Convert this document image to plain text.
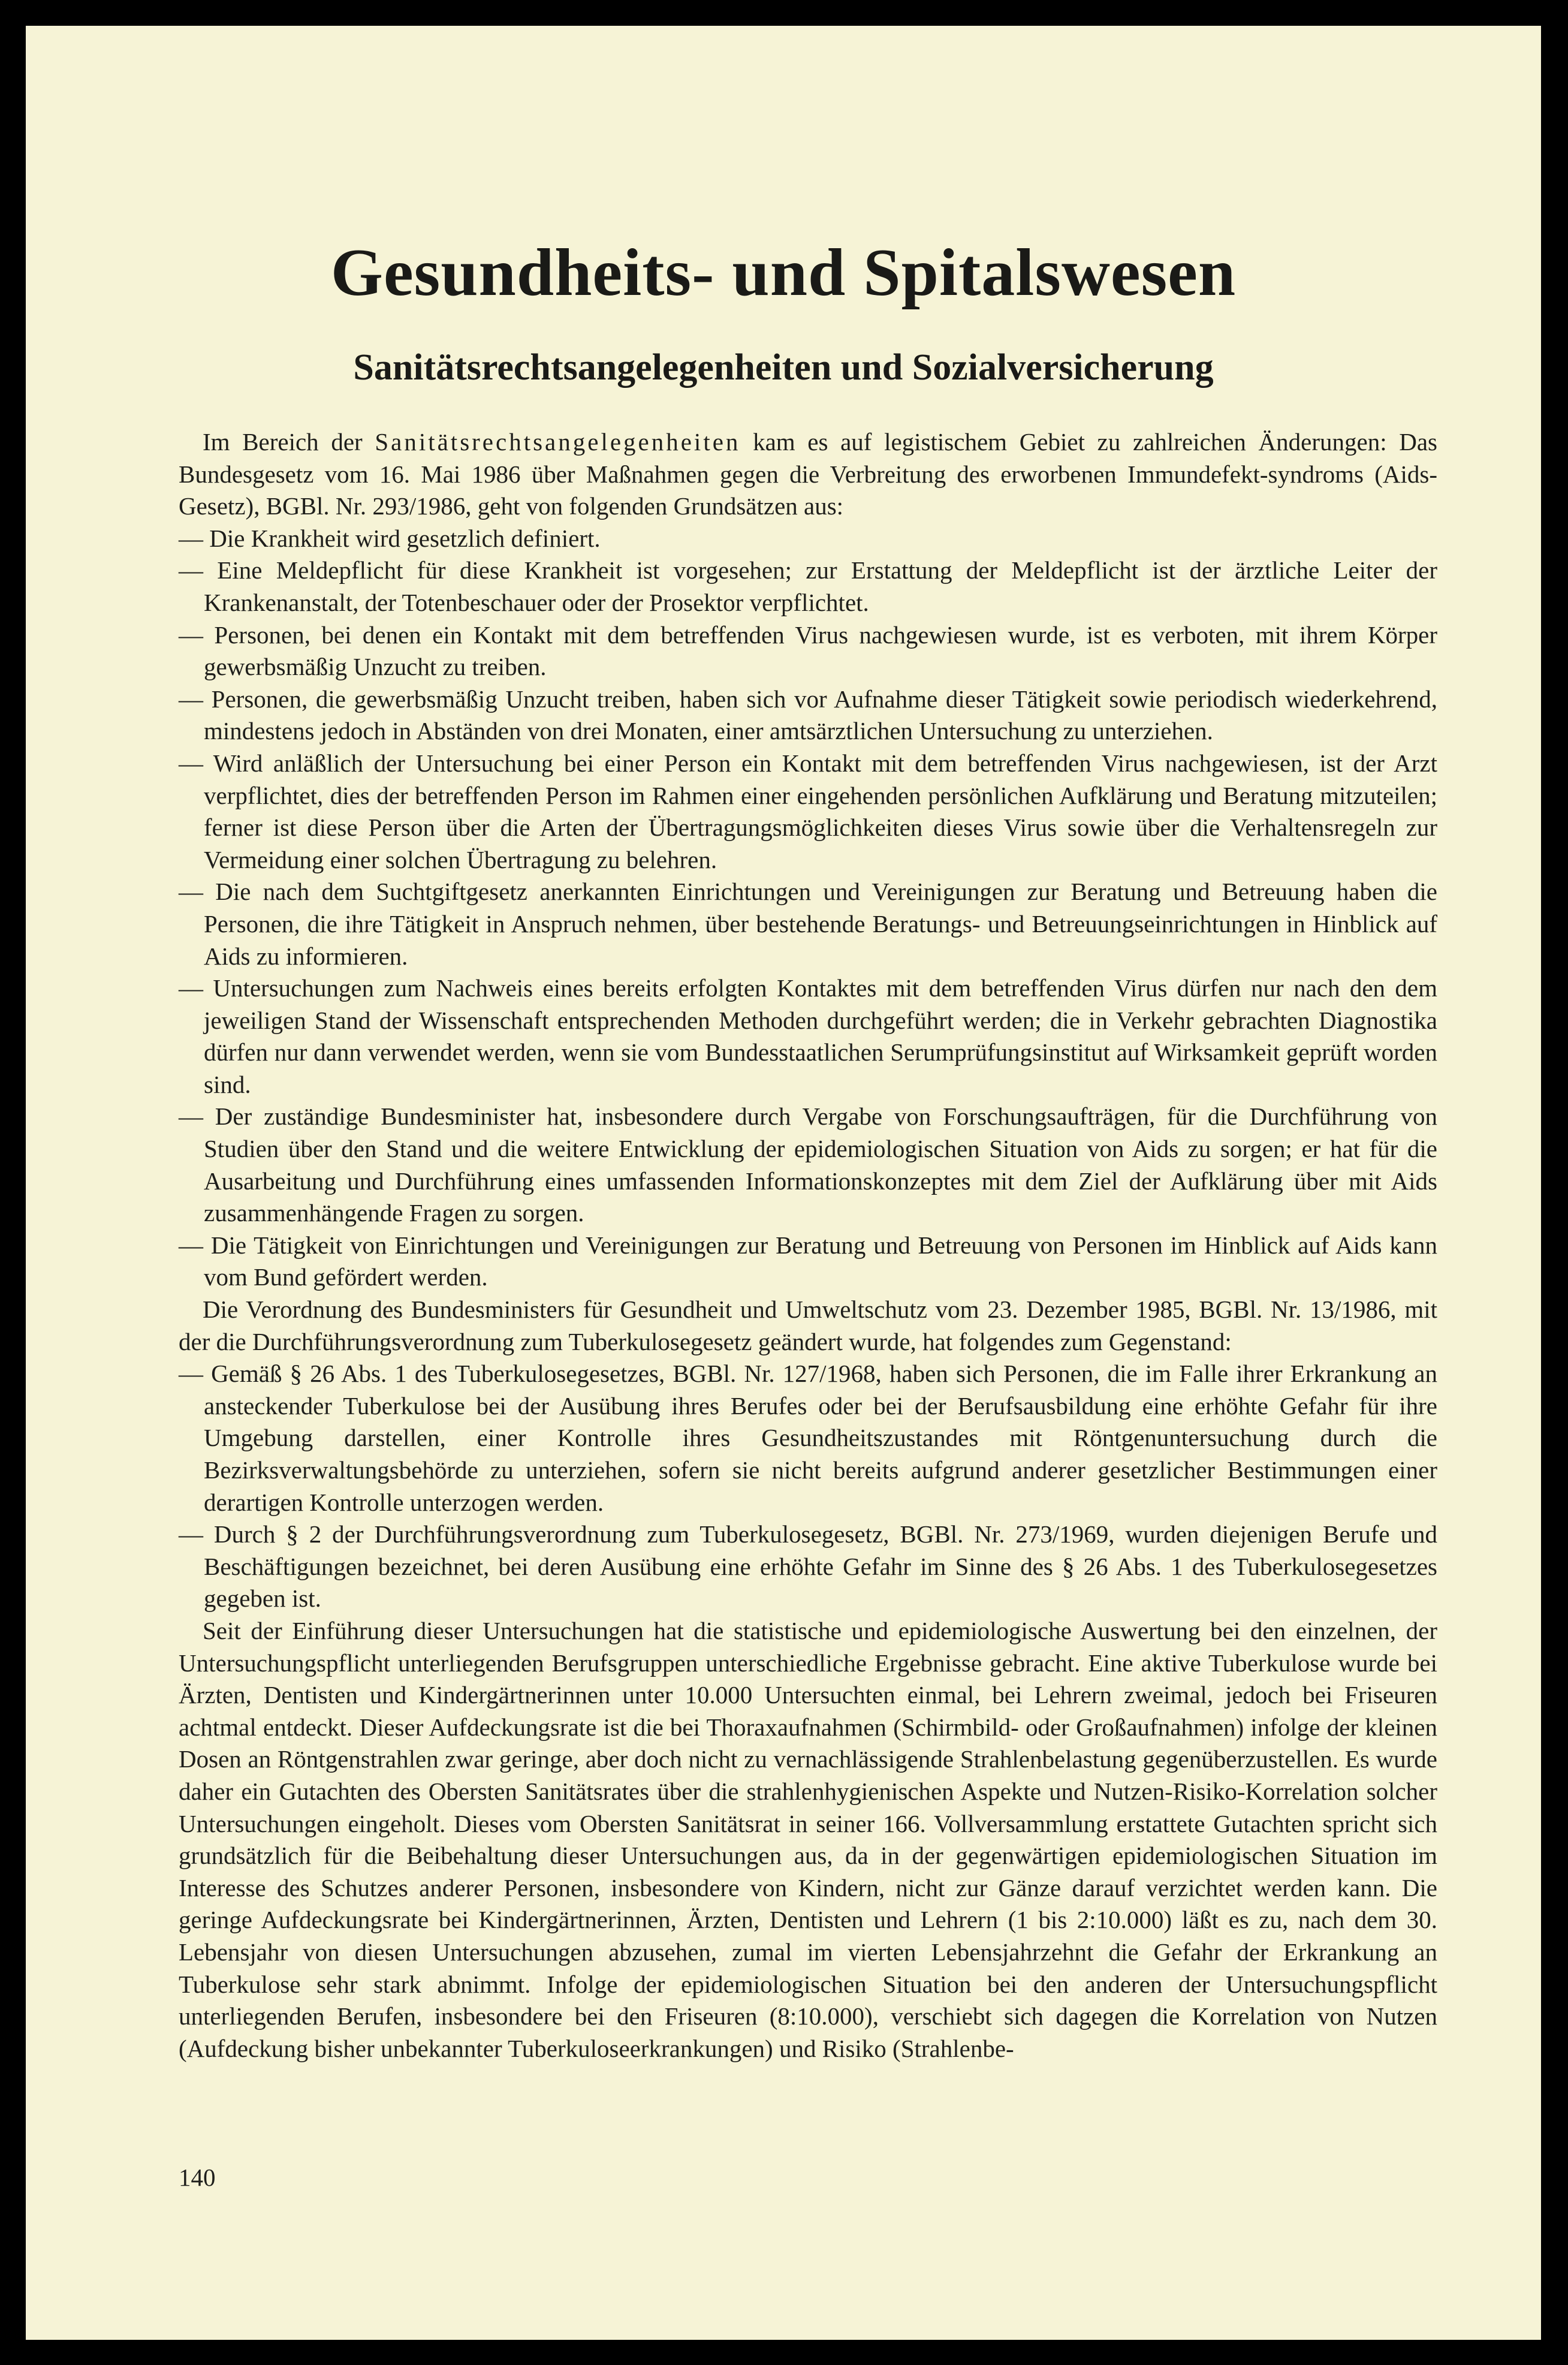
Gesundheits- und Spitalswesen
Sanitätsrechtsangelegenheiten und Sozialversicherung
Im Bereich der Sanitätsrechtsangelegenheiten kam es auf legistischem Gebiet zu zahlreichen Änderungen: Das Bundesgesetz vom 16. Mai 1986 über Maßnahmen gegen die Verbreitung des erworbenen Immundefekt-syndroms (Aids-Gesetz), BGBl. Nr. 293/1986, geht von folgenden Grundsätzen aus:
— Die Krankheit wird gesetzlich definiert.
— Eine Meldepflicht für diese Krankheit ist vorgesehen; zur Erstattung der Meldepflicht ist der ärztliche Leiter der Krankenanstalt, der Totenbeschauer oder der Prosektor verpflichtet.
— Personen, bei denen ein Kontakt mit dem betreffenden Virus nachgewiesen wurde, ist es verboten, mit ihrem Körper gewerbsmäßig Unzucht zu treiben.
— Personen, die gewerbsmäßig Unzucht treiben, haben sich vor Aufnahme dieser Tätigkeit sowie periodisch wiederkehrend, mindestens jedoch in Abständen von drei Monaten, einer amtsärztlichen Untersuchung zu unterziehen.
— Wird anläßlich der Untersuchung bei einer Person ein Kontakt mit dem betreffenden Virus nachgewiesen, ist der Arzt verpflichtet, dies der betreffenden Person im Rahmen einer eingehenden persönlichen Aufklärung und Beratung mitzuteilen; ferner ist diese Person über die Arten der Übertragungsmöglichkeiten dieses Virus sowie über die Verhaltensregeln zur Vermeidung einer solchen Übertragung zu belehren.
— Die nach dem Suchtgiftgesetz anerkannten Einrichtungen und Vereinigungen zur Beratung und Betreuung haben die Personen, die ihre Tätigkeit in Anspruch nehmen, über bestehende Beratungs- und Betreuungseinrichtungen in Hinblick auf Aids zu informieren.
— Untersuchungen zum Nachweis eines bereits erfolgten Kontaktes mit dem betreffenden Virus dürfen nur nach den dem jeweiligen Stand der Wissenschaft entsprechenden Methoden durchgeführt werden; die in Verkehr gebrachten Diagnostika dürfen nur dann verwendet werden, wenn sie vom Bundesstaatlichen Serumprüfungsinstitut auf Wirksamkeit geprüft worden sind.
— Der zuständige Bundesminister hat, insbesondere durch Vergabe von Forschungsaufträgen, für die Durchführung von Studien über den Stand und die weitere Entwicklung der epidemiologischen Situation von Aids zu sorgen; er hat für die Ausarbeitung und Durchführung eines umfassenden Informationskonzeptes mit dem Ziel der Aufklärung über mit Aids zusammenhängende Fragen zu sorgen.
— Die Tätigkeit von Einrichtungen und Vereinigungen zur Beratung und Betreuung von Personen im Hinblick auf Aids kann vom Bund gefördert werden.
Die Verordnung des Bundesministers für Gesundheit und Umweltschutz vom 23. Dezember 1985, BGBl. Nr. 13/1986, mit der die Durchführungsverordnung zum Tuberkulosegesetz geändert wurde, hat folgendes zum Gegenstand:
— Gemäß § 26 Abs. 1 des Tuberkulosegesetzes, BGBl. Nr. 127/1968, haben sich Personen, die im Falle ihrer Erkrankung an ansteckender Tuberkulose bei der Ausübung ihres Berufes oder bei der Berufsausbildung eine erhöhte Gefahr für ihre Umgebung darstellen, einer Kontrolle ihres Gesundheitszustandes mit Röntgenuntersuchung durch die Bezirksverwaltungsbehörde zu unterziehen, sofern sie nicht bereits aufgrund anderer gesetzlicher Bestimmungen einer derartigen Kontrolle unterzogen werden.
— Durch § 2 der Durchführungsverordnung zum Tuberkulosegesetz, BGBl. Nr. 273/1969, wurden diejenigen Berufe und Beschäftigungen bezeichnet, bei deren Ausübung eine erhöhte Gefahr im Sinne des § 26 Abs. 1 des Tuberkulosegesetzes gegeben ist.
Seit der Einführung dieser Untersuchungen hat die statistische und epidemiologische Auswertung bei den einzelnen, der Untersuchungspflicht unterliegenden Berufsgruppen unterschiedliche Ergebnisse gebracht. Eine aktive Tuberkulose wurde bei Ärzten, Dentisten und Kindergärtnerinnen unter 10.000 Untersuchten einmal, bei Lehrern zweimal, jedoch bei Friseuren achtmal entdeckt. Dieser Aufdeckungsrate ist die bei Thoraxaufnahmen (Schirmbild- oder Großaufnahmen) infolge der kleinen Dosen an Röntgenstrahlen zwar geringe, aber doch nicht zu vernachlässigende Strahlenbelastung gegenüberzustellen. Es wurde daher ein Gutachten des Obersten Sanitätsrates über die strahlenhygienischen Aspekte und Nutzen-Risiko-Korrelation solcher Untersuchungen eingeholt. Dieses vom Obersten Sanitätsrat in seiner 166. Vollversammlung erstattete Gutachten spricht sich grundsätzlich für die Beibehaltung dieser Untersuchungen aus, da in der gegenwärtigen epidemiologischen Situation im Interesse des Schutzes anderer Personen, insbesondere von Kindern, nicht zur Gänze darauf verzichtet werden kann. Die geringe Aufdeckungsrate bei Kindergärtnerinnen, Ärzten, Dentisten und Lehrern (1 bis 2:10.000) läßt es zu, nach dem 30. Lebensjahr von diesen Untersuchungen abzusehen, zumal im vierten Lebensjahrzehnt die Gefahr der Erkrankung an Tuberkulose sehr stark abnimmt. Infolge der epidemiologischen Situation bei den anderen der Untersuchungspflicht unterliegenden Berufen, insbesondere bei den Friseuren (8:10.000), verschiebt sich dagegen die Korrelation von Nutzen (Aufdeckung bisher unbekannter Tuberkuloseerkrankungen) und Risiko (Strahlenbe-
140
